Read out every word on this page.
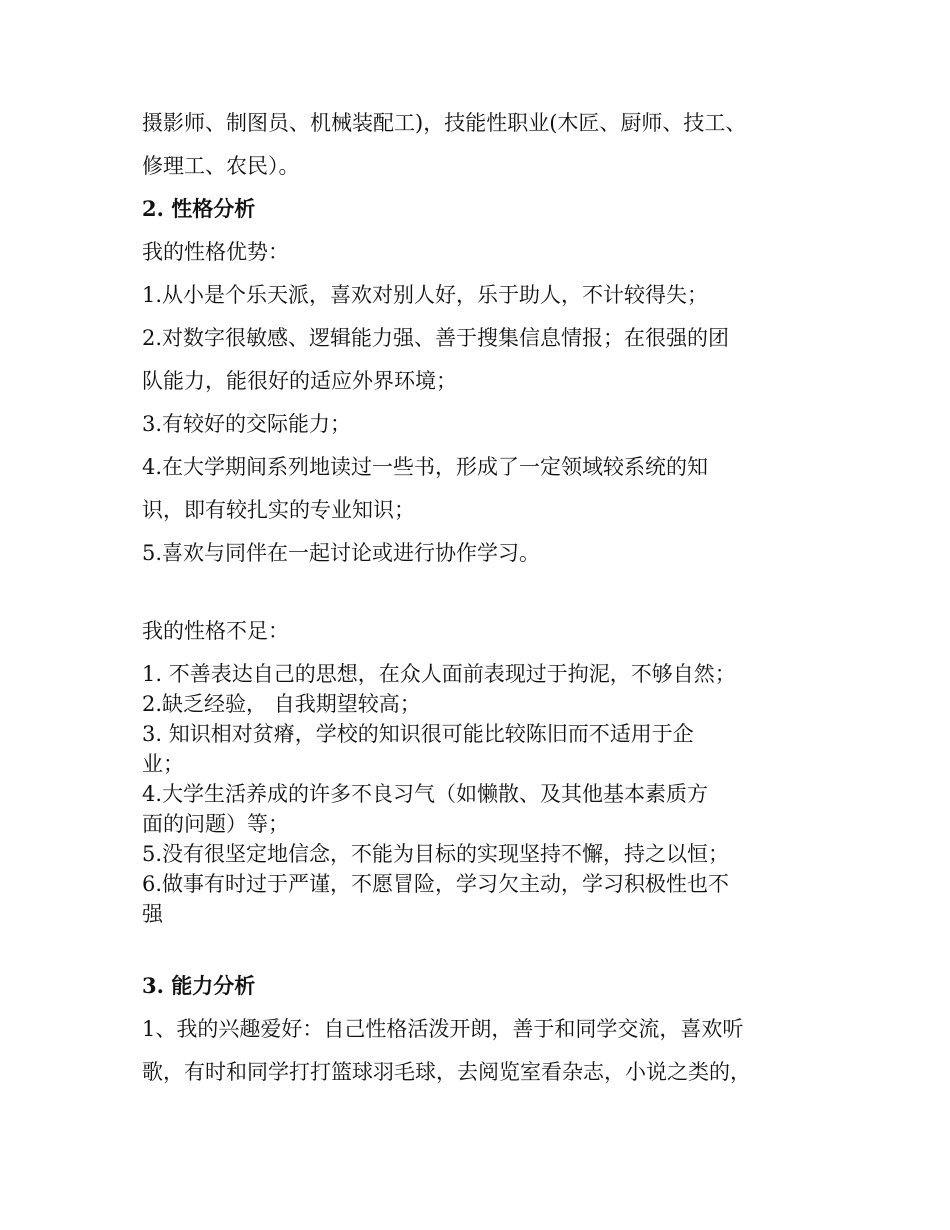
摄影师、制图员、机械装配工)，技能性职业(木匠、厨师、技工、
修理工、农民）。
2. 性格分析
我的性格优势：
1.从小是个乐天派，喜欢对别人好，乐于助人，不计较得失；
2.对数字很敏感、逻辑能力强、善于搜集信息情报；在很强的团
队能力，能很好的适应外界环境；
3.有较好的交际能力；
4.在大学期间系列地读过一些书，形成了一定领域较系统的知
识，即有较扎实的专业知识；
5.喜欢与同伴在一起讨论或进行协作学习。
我的性格不足：
1. 不善表达自己的思想，在众人面前表现过于拘泥，不够自然；
2.缺乏经验， 自我期望较高；
3. 知识相对贫瘠，学校的知识很可能比较陈旧而不适用于企
业；
4.大学生活养成的许多不良习气（如懒散、及其他基本素质方
面的问题）等；
5.没有很坚定地信念，不能为目标的实现坚持不懈，持之以恒；
6.做事有时过于严谨，不愿冒险，学习欠主动，学习积极性也不
强
3. 能力分析
1、我的兴趣爱好：自己性格活泼开朗，善于和同学交流，喜欢听
歌，有时和同学打打篮球羽毛球，去阅览室看杂志，小说之类的，
